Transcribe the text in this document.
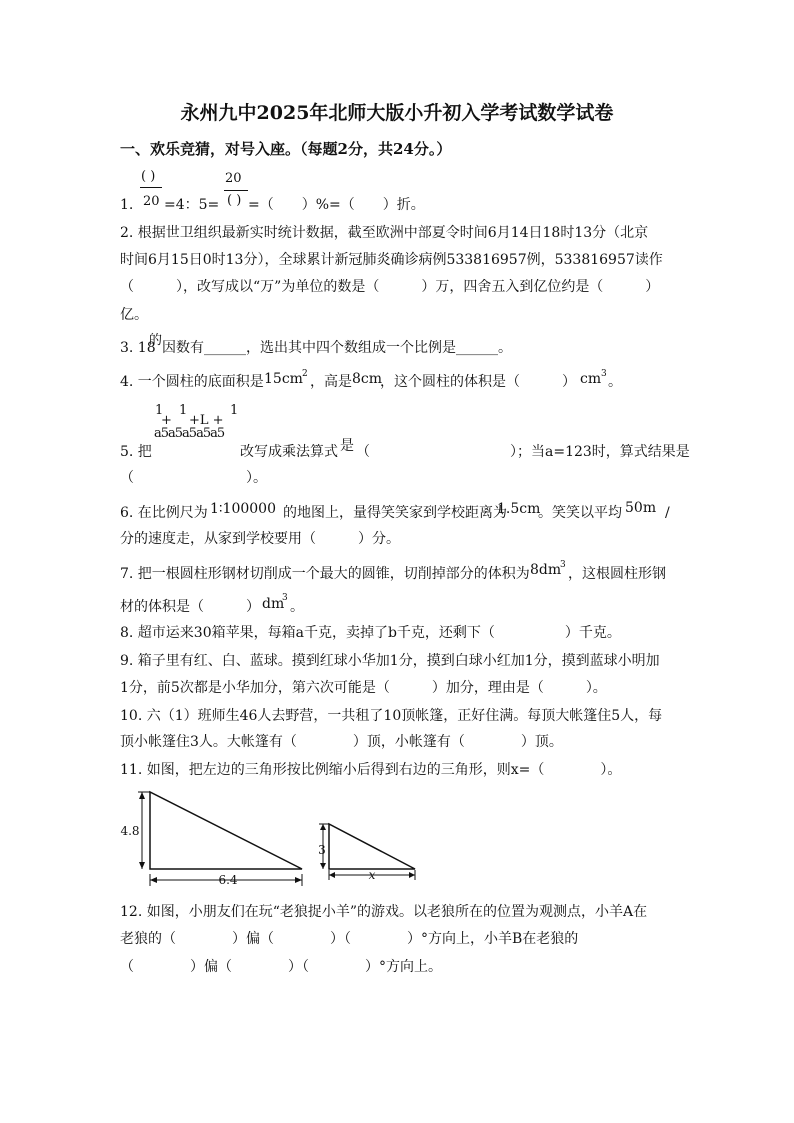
永州九中2025年北师大版小升初入学考试数学试卷
一、欢乐竞猜，对号入座。（每题2分，共24分。）
( )	20
1. 20 =4：5= ( ) =（　　）%=（　　）折。
2. 根据世卫组织最新实时统计数据，截至欧洲中部夏令时间6月14日18时13分（北京
时间6月15日0时13分），全球累计新冠肺炎确诊病例533816957例，533816957读作
（　　　），改写成以“万”为单位的数是（　　　）万，四舍五入到亿位约是（　　　）
亿。
3. 18
的 因数有______，选出其中四个数组成一个比例是______。
4. 一个圆柱的底面积是 15cm 2 ，高是 8cm
，这个圆柱的体积是（　　　） cm 3 。
1 1	1
+ +L +
a5a5a5a5a5
5. 把	改写成乘法算式 是 （　　　　　　　　　　）；当a=123时，算式结果是
（　　　　　　　　）。
6. 在比例尺为 1∶100000 的地图上，量得笑笑家到学校距离为
1.5cm
。笑笑以平均 50m /
分的速度走，从家到学校要用（　　　）分。
7. 把一根圆柱形钢材切削成一个最大的圆锥，切削掉部分的体积为 8dm
3
，这根圆柱形钢
材的体积是（　　　） dm
3
。
8. 超市运来30箱苹果，每箱a千克，卖掉了b千克，还剩下（　　　　　）千克。
9. 箱子里有红、白、蓝球。摸到红球小华加1分，摸到白球小红加1分，摸到蓝球小明加
1分，前5次都是小华加分，第六次可能是（　　　）加分，理由是（　　　）。
10. 六（1）班师生46人去野营，一共租了10顶帐篷，正好住满。每顶大帐篷住5人，每
顶小帐篷住3人。大帐篷有（　　　　）顶，小帐篷有（　　　　）顶。
11. 如图，把左边的三角形按比例缩小后得到右边的三角形，则x=（　　　　）。
4.8
6.4
3
x
12. 如图，小朋友们在玩“老狼捉小羊”的游戏。以老狼所在的位置为观测点，小羊A在
老狼的（　　　　）偏（　　　　）（　　　　）°方向上，小羊B在老狼的
（　　　　）偏（　　　　）（　　　　）°方向上。
